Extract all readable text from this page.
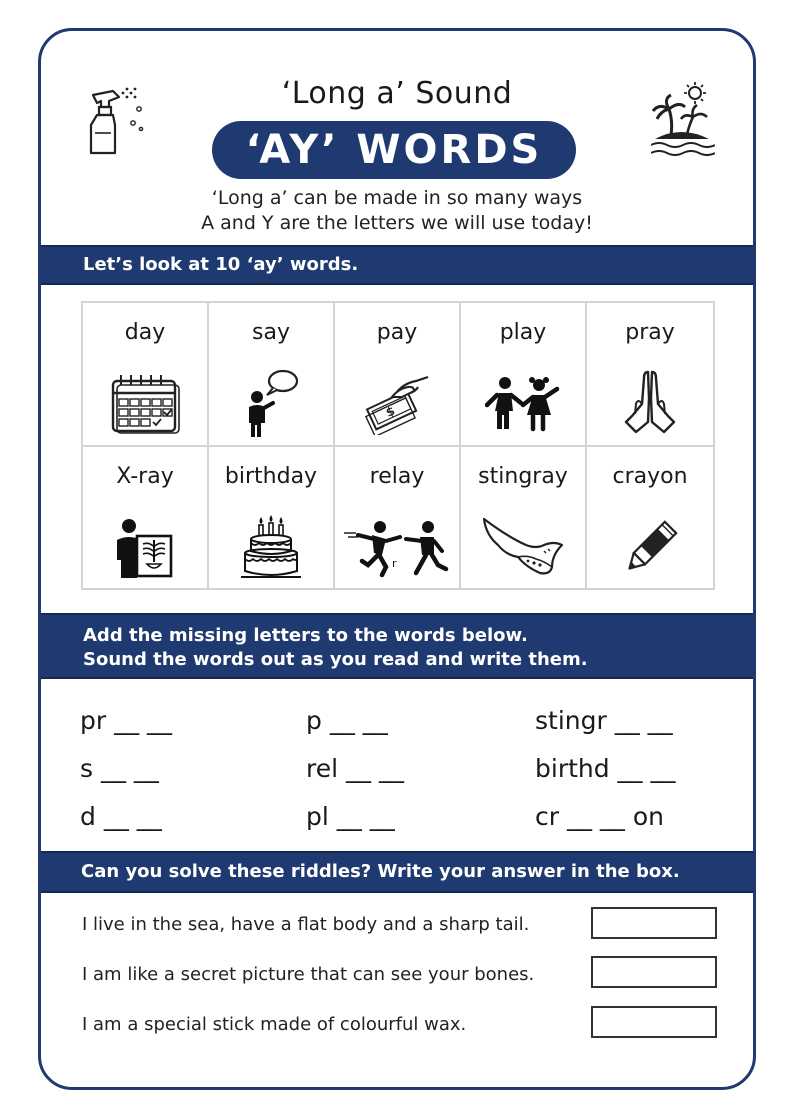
‘Long a’ Sound
‘AY’ WORDS
‘Long a’ can be made in so many ways
A and Y are the letters we will use today!
Let’s look at 10 ‘ay’ words.
day	say	pay	play	pray
$
X-ray	birthday	relay	stingray	crayon
r
Add the missing letters to the words below.
Sound the words out as you read and write them.
pr __ __	p __ __	stingr __ __
s __ __	rel __ __	birthd __ __
d __ __	pl __ __	cr __ __ on
Can you solve these riddles? Write your answer in the box.
I live in the sea, have a flat body and a sharp tail.
I am like a secret picture that can see your bones.
I am a special stick made of colourful wax.
